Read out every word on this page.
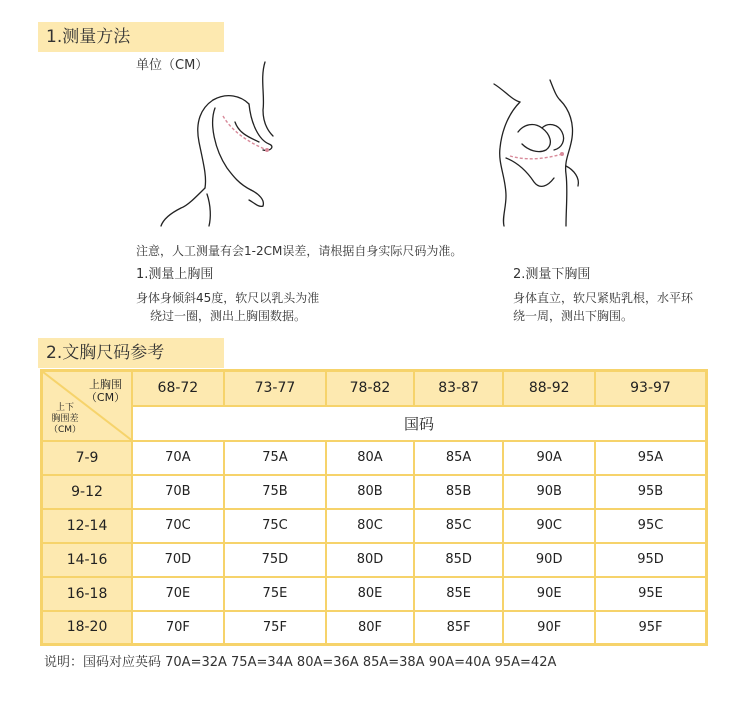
1.测量方法
单位（CM）
注意，人工测量有会1-2CM误差，请根据自身实际尺码为准。
1.测量上胸围
身体身倾斜45度，软尺以乳头为准
绕过一圈，测出上胸围数据。
2.测量下胸围
身体直立，软尺紧贴乳根，水平环
绕一周，测出下胸围。
2.文胸尺码参考
上胸围
（CM）
上下
胸围差
（CM）	68-72	73-77	78-82	83-87	88-92	93-97
	国码					
7-9	70A	75A	80A	85A	90A	95A
9-12	70B	75B	80B	85B	90B	95B
12-14	70C	75C	80C	85C	90C	95C
14-16	70D	75D	80D	85D	90D	95D
16-18	70E	75E	80E	85E	90E	95E
18-20	70F	75F	80F	85F	90F	95F
说明：国码对应英码 70A=32A 75A=34A 80A=36A 85A=38A 90A=40A 95A=42A
